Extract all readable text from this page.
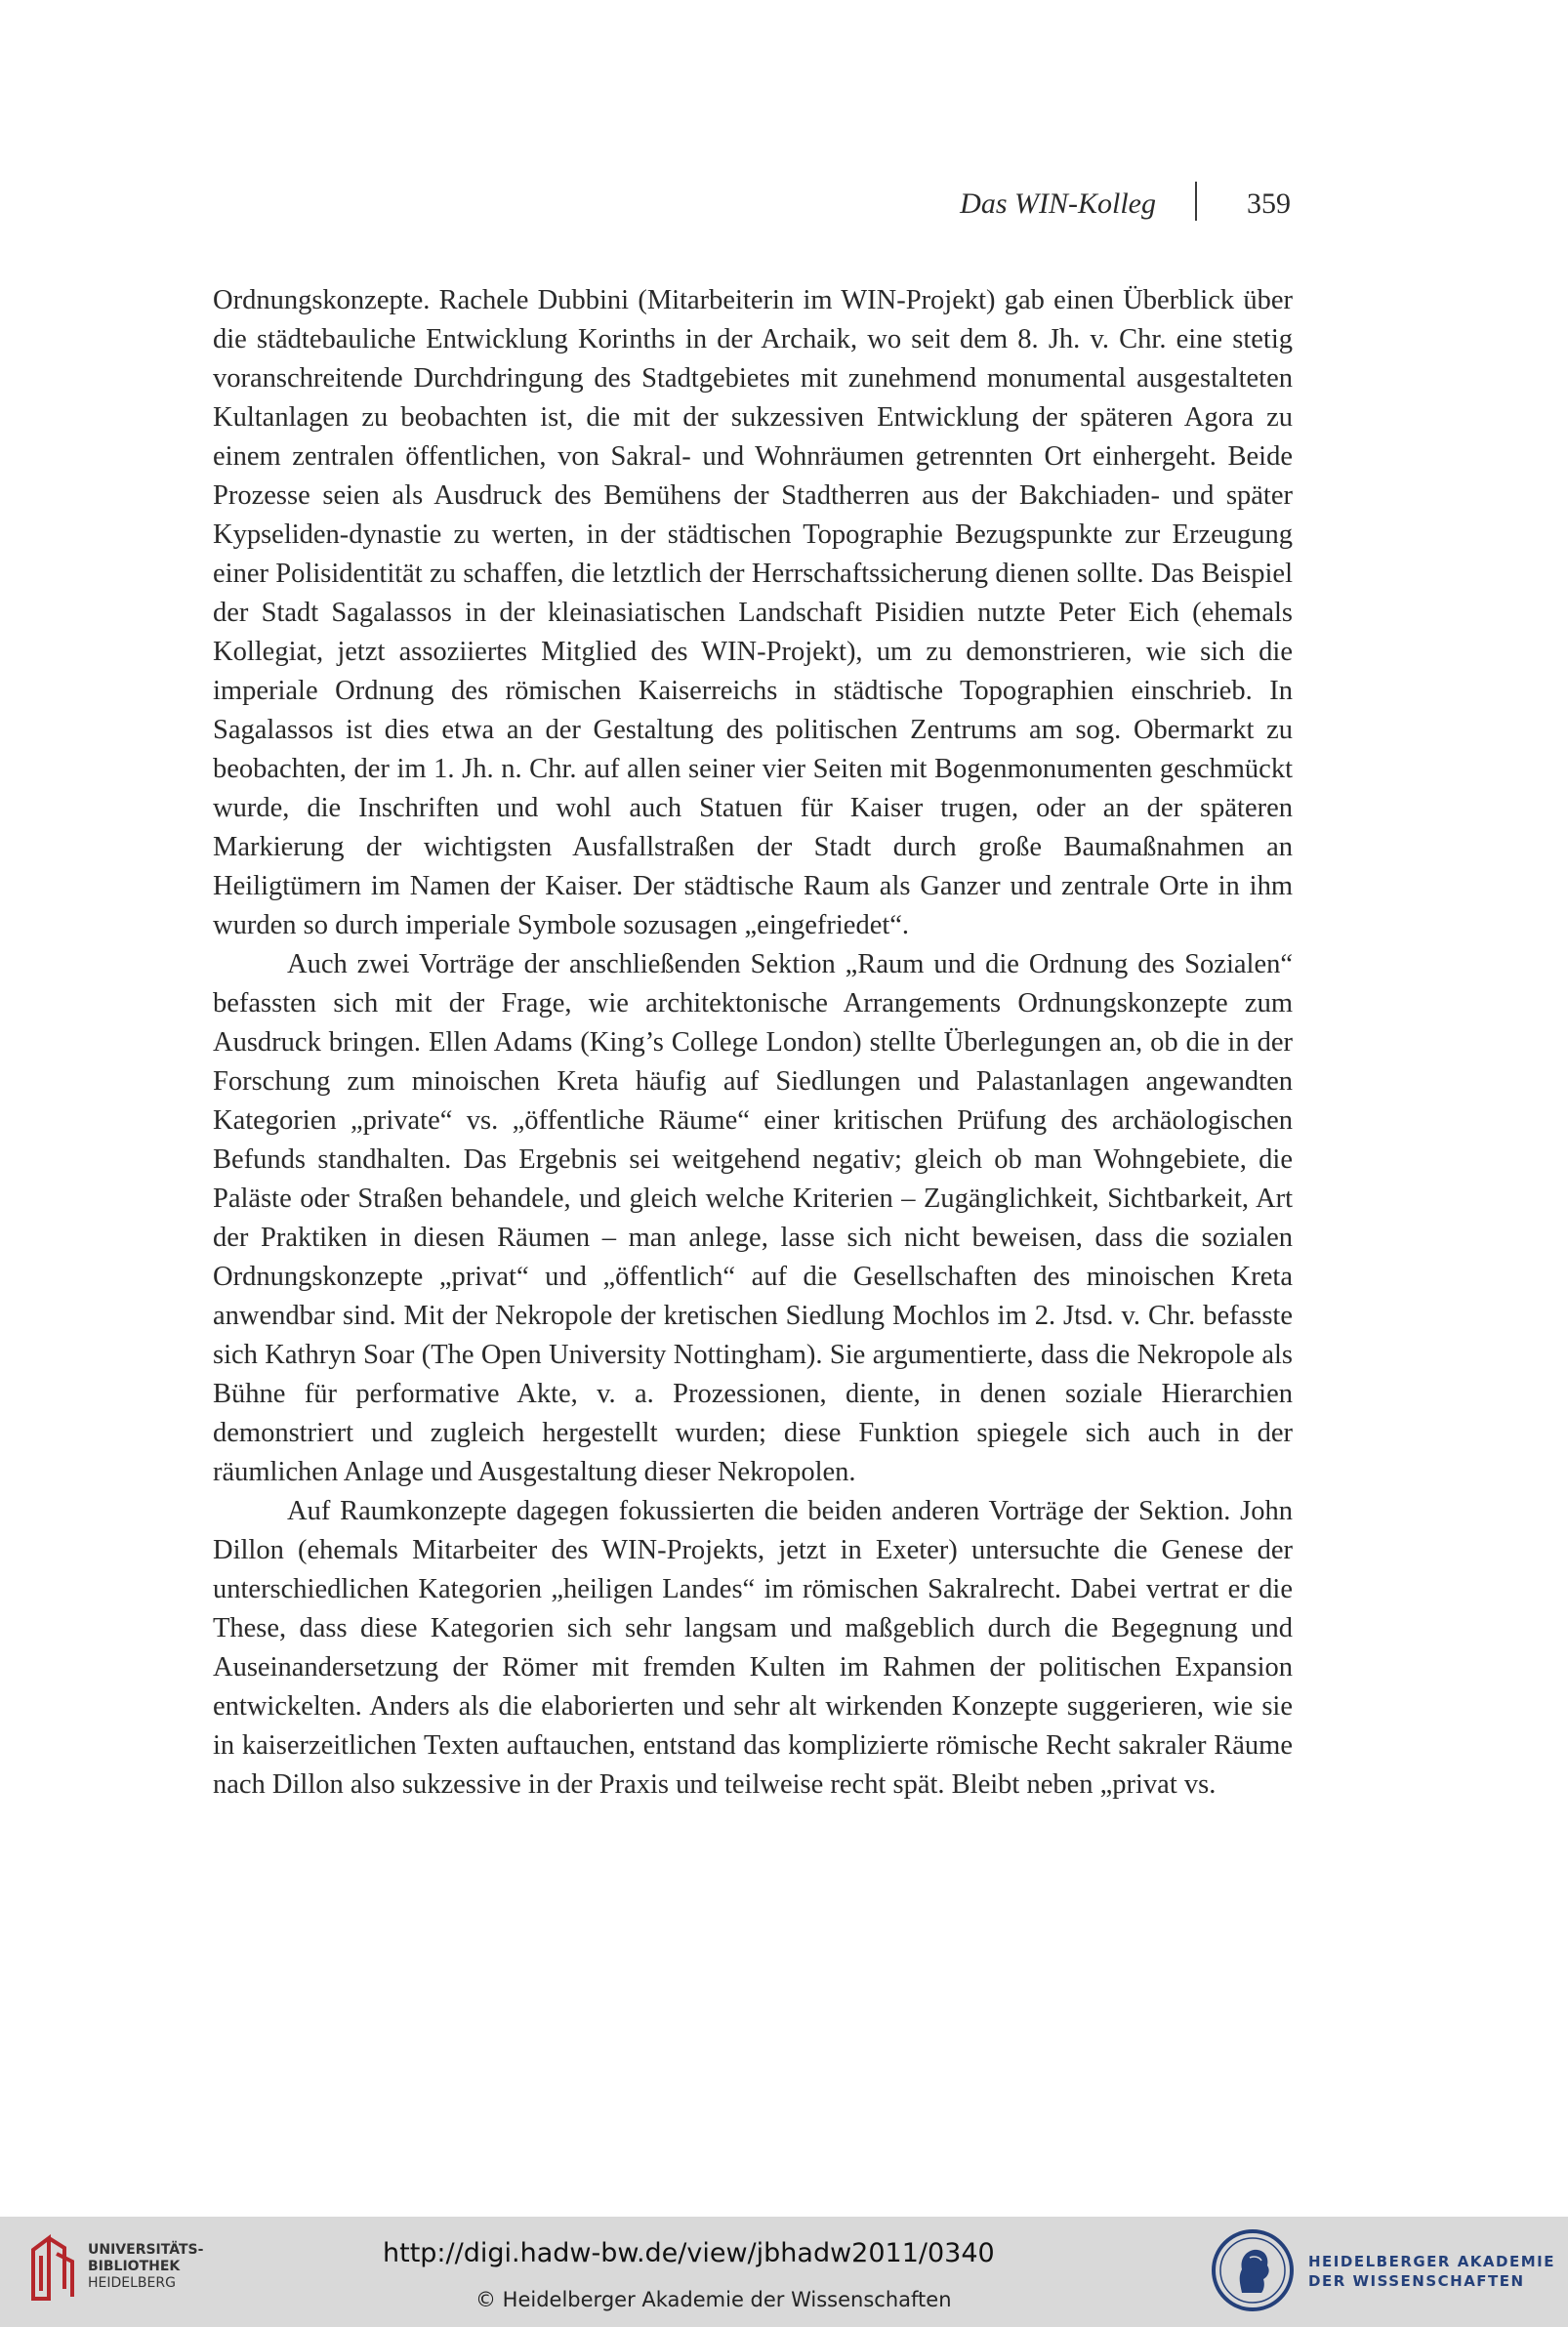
Das WIN-Kolleg	359

Ordnungskonzepte. Rachele Dubbini (Mitarbeiterin im WIN-Projekt) gab einen Überblick über die städtebauliche Entwicklung Korinths in der Archaik, wo seit dem 8. Jh. v. Chr. eine stetig voranschreitende Durchdringung des Stadtgebietes mit zunehmend monumental ausgestalteten Kultanlagen zu beobachten ist, die mit der sukzessiven Entwicklung der späteren Agora zu einem zentralen öffentlichen, von Sakral- und Wohnräumen getrennten Ort einhergeht. Beide Prozesse seien als Ausdruck des Bemühens der Stadtherren aus der Bakchiaden- und später Kypseliden-dynastie zu werten, in der städtischen Topographie Bezugspunkte zur Erzeugung einer Polisidentität zu schaffen, die letztlich der Herrschaftssicherung dienen sollte. Das Beispiel der Stadt Sagalassos in der kleinasiatischen Landschaft Pisidien nutzte Peter Eich (ehemals Kollegiat, jetzt assoziiertes Mitglied des WIN-Projekt), um zu demonstrieren, wie sich die imperiale Ordnung des römischen Kaiserreichs in städtische Topographien einschrieb. In Sagalassos ist dies etwa an der Gestaltung des politischen Zentrums am sog. Obermarkt zu beobachten, der im 1. Jh. n. Chr. auf allen seiner vier Seiten mit Bogenmonumenten geschmückt wurde, die Inschriften und wohl auch Statuen für Kaiser trugen, oder an der späteren Markierung der wichtigsten Ausfallstraßen der Stadt durch große Baumaßnahmen an Heiligtümern im Namen der Kaiser. Der städtische Raum als Ganzer und zentrale Orte in ihm wurden so durch imperiale Symbole sozusagen „eingefriedet“.

Auch zwei Vorträge der anschließenden Sektion „Raum und die Ordnung des Sozialen“ befassten sich mit der Frage, wie architektonische Arrangements Ordnungskonzepte zum Ausdruck bringen. Ellen Adams (King’s College London) stellte Überlegungen an, ob die in der Forschung zum minoischen Kreta häufig auf Siedlungen und Palastanlagen angewandten Kategorien „private“ vs. „öffentliche Räume“ einer kritischen Prüfung des archäologischen Befunds standhalten. Das Ergebnis sei weitgehend negativ; gleich ob man Wohngebiete, die Paläste oder Straßen behandele, und gleich welche Kriterien – Zugänglichkeit, Sichtbarkeit, Art der Praktiken in diesen Räumen – man anlege, lasse sich nicht beweisen, dass die sozialen Ordnungskonzepte „privat“ und „öffentlich“ auf die Gesellschaften des minoischen Kreta anwendbar sind. Mit der Nekropole der kretischen Siedlung Mochlos im 2. Jtsd. v. Chr. befasste sich Kathryn Soar (The Open University Nottingham). Sie argumentierte, dass die Nekropole als Bühne für performative Akte, v. a. Prozessionen, diente, in denen soziale Hierarchien demonstriert und zugleich hergestellt wurden; diese Funktion spiegele sich auch in der räumlichen Anlage und Ausgestaltung dieser Nekropolen.

Auf Raumkonzepte dagegen fokussierten die beiden anderen Vorträge der Sektion. John Dillon (ehemals Mitarbeiter des WIN-Projekts, jetzt in Exeter) untersuchte die Genese der unterschiedlichen Kategorien „heiligen Landes“ im römischen Sakralrecht. Dabei vertrat er die These, dass diese Kategorien sich sehr langsam und maßgeblich durch die Begegnung und Auseinandersetzung der Römer mit fremden Kulten im Rahmen der politischen Expansion entwickelten. Anders als die elaborierten und sehr alt wirkenden Konzepte suggerieren, wie sie in kaiserzeitlichen Texten auftauchen, entstand das komplizierte römische Recht sakraler Räume nach Dillon also sukzessive in der Praxis und teilweise recht spät. Bleibt neben „privat vs.

UNIVERSITÄTS-
BIBLIOTHEK
HEIDELBERG
http://digi.hadw-bw.de/view/jbhadw2011/0340
© Heidelberger Akademie der Wissenschaften
HEIDELBERGER AKADEMIE
DER WISSENSCHAFTEN
